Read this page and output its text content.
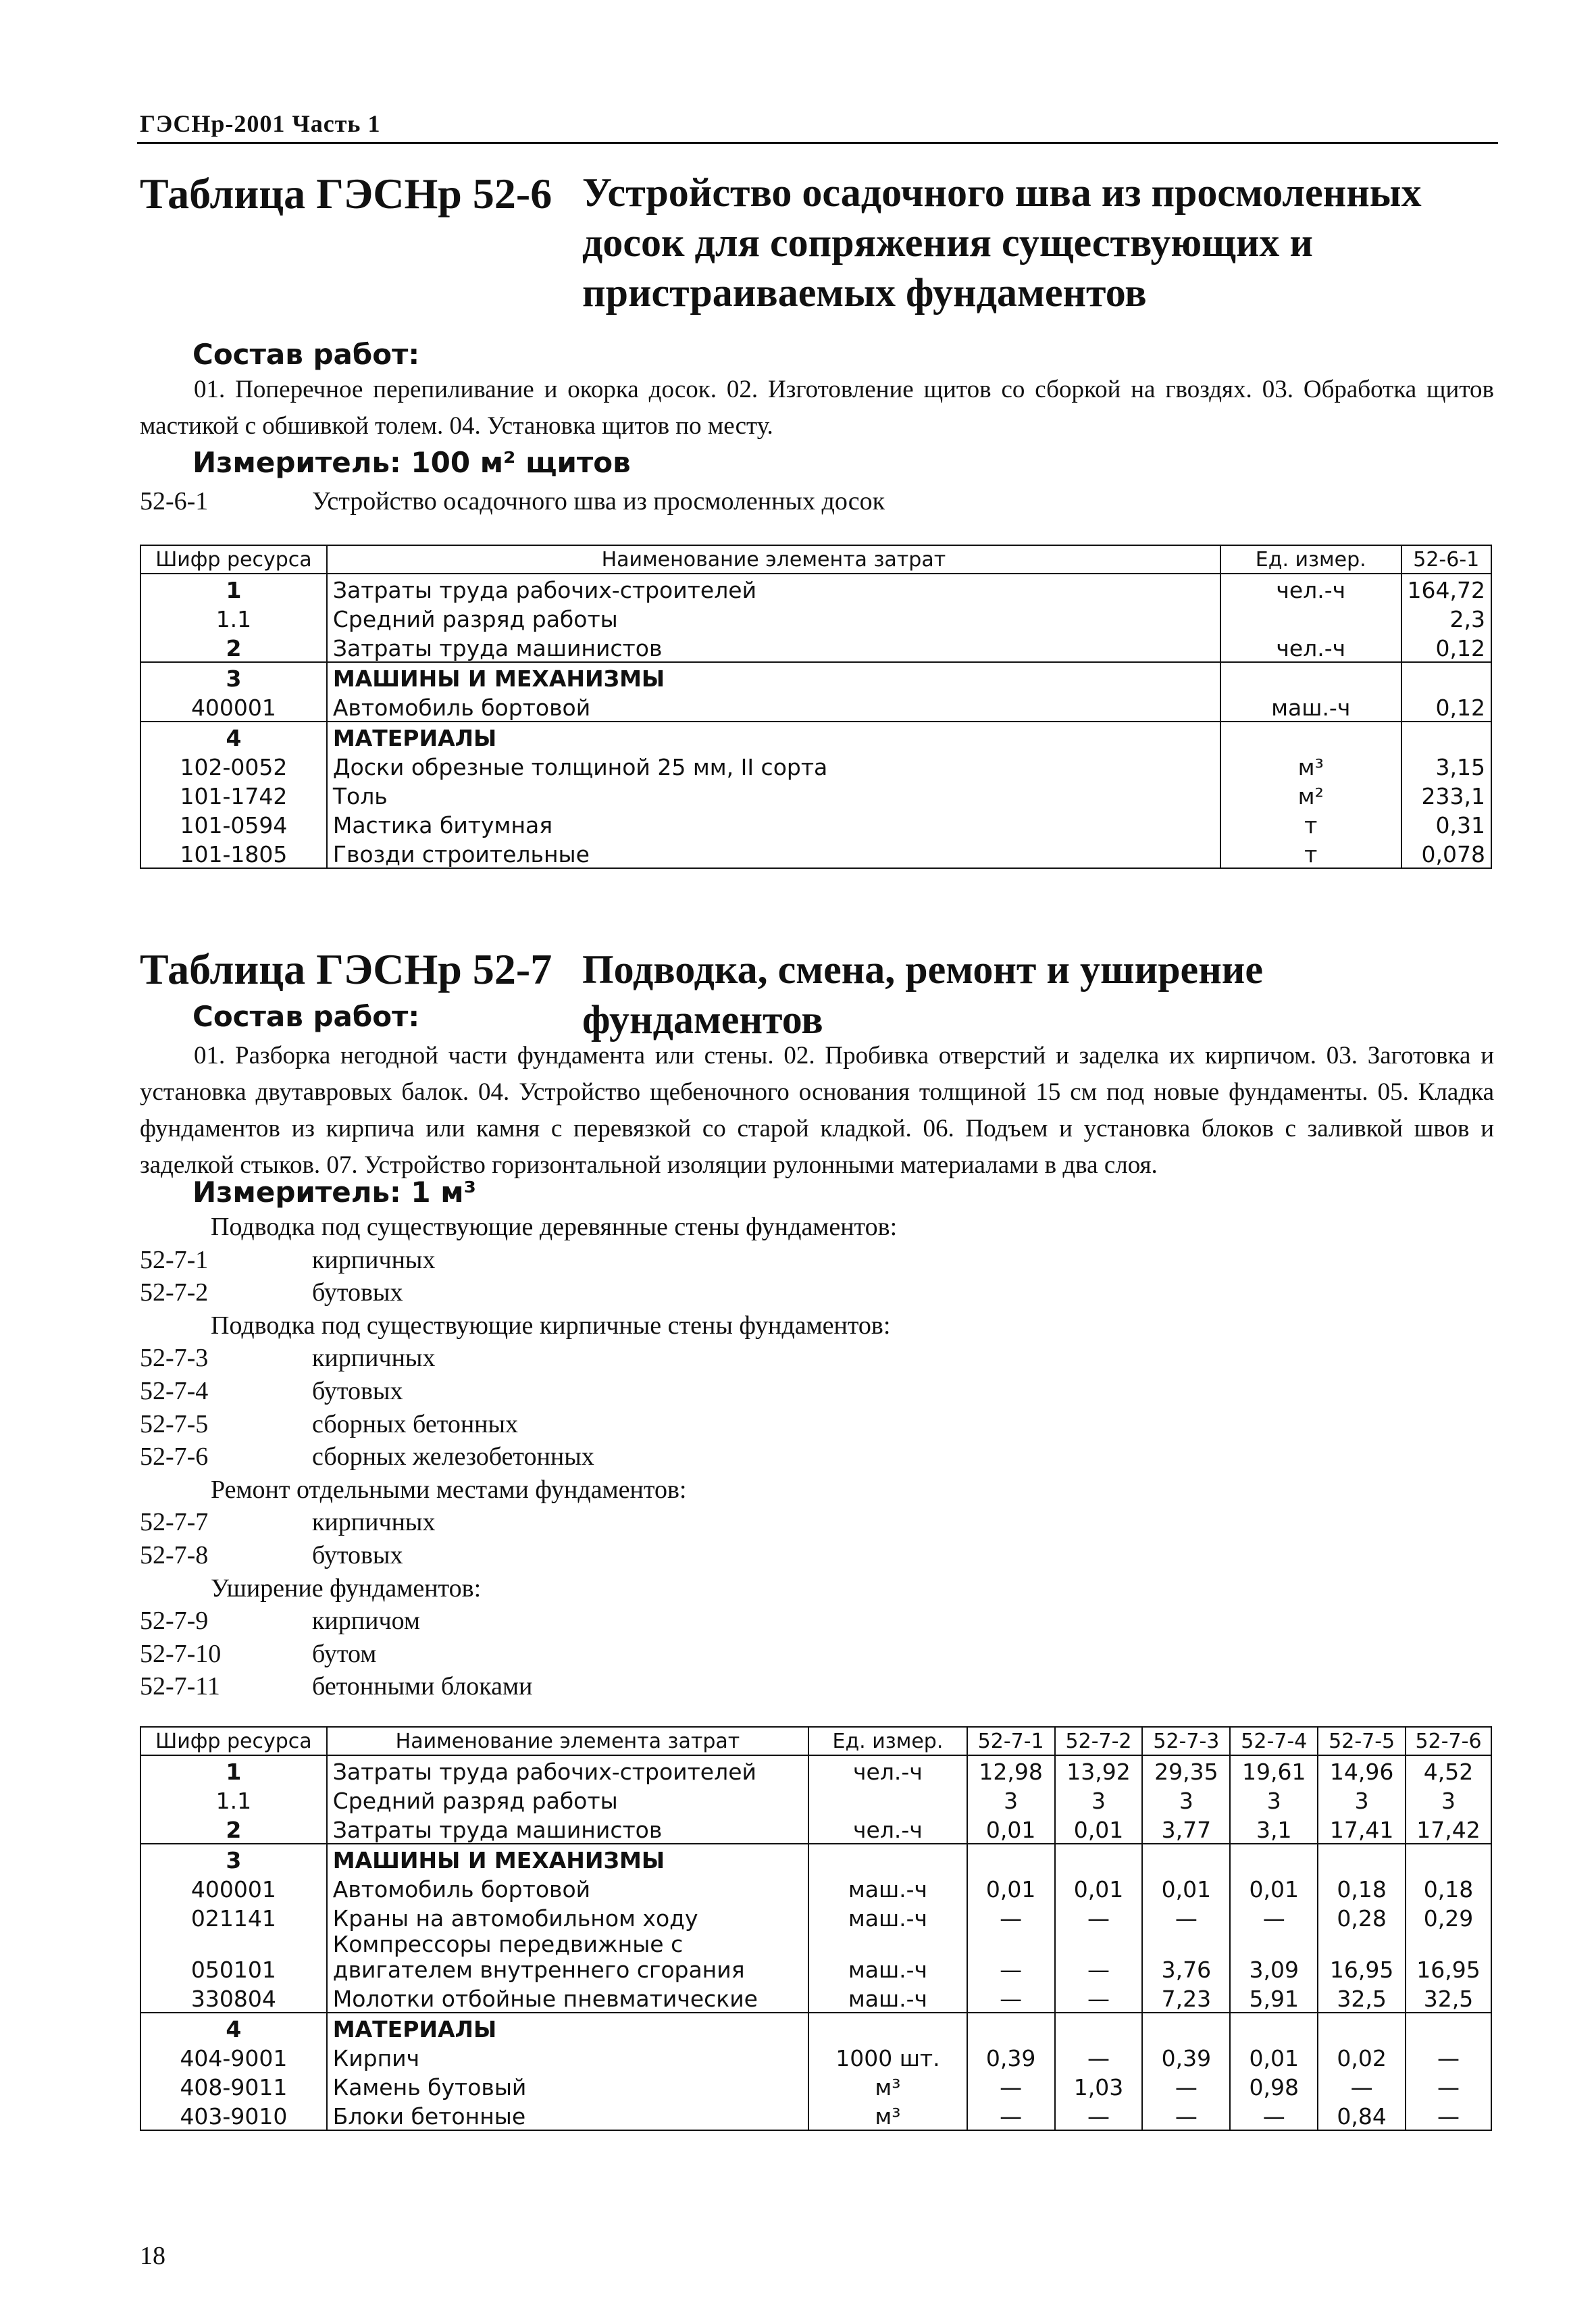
ГЭСНр-2001 Часть 1
Таблица ГЭСНр 52-6 Устройство осадочного шва из просмоленных досок для сопряжения существующих и пристраиваемых фундаментов
Состав работ:
01. Поперечное перепиливание и окорка досок. 02. Изготовление щитов со сборкой на гвоздях. 03. Обработка щитов мастикой с обшивкой толем. 04. Установка щитов по месту.
Измеритель: 100 м² щитов
52-6-1	Устройство осадочного шва из просмоленных досок
Шифр ресурса	Наименование элемента затрат	Ед. измер.	52-6-1
1	Затраты труда рабочих-строителей	чел.-ч	164,72
1.1	Средний разряд работы		2,3
2	Затраты труда машинистов	чел.-ч	0,12
3	МАШИНЫ И МЕХАНИЗМЫ		
400001	Автомобиль бортовой	маш.-ч	0,12
4	МАТЕРИАЛЫ		
102-0052	Доски обрезные толщиной 25 мм, II сорта	м³	3,15
101-1742	Толь	м²	233,1
101-0594	Мастика битумная	т	0,31
101-1805	Гвозди строительные	т	0,078
Таблица ГЭСНр 52-7 Подводка, смена, ремонт и уширение фундаментов
Состав работ:
01. Разборка негодной части фундамента или стены. 02. Пробивка отверстий и заделка их кирпичом. 03. Заготовка и установка двутавровых балок. 04. Устройство щебеночного основания толщиной 15 см под новые фундаменты. 05. Кладка фундаментов из кирпича или камня с перевязкой со старой кладкой. 06. Подъем и установка блоков с заливкой швов и заделкой стыков. 07. Устройство горизонтальной изоляции рулонными материалами в два слоя.
Измеритель: 1 м³
Подводка под существующие деревянные стены фундаментов:
52-7-1	кирпичных
52-7-2	бутовых
Подводка под существующие кирпичные стены фундаментов:
52-7-3	кирпичных
52-7-4	бутовых
52-7-5	сборных бетонных
52-7-6	сборных железобетонных
Ремонт отдельными местами фундаментов:
52-7-7	кирпичных
52-7-8	бутовых
Уширение фундаментов:
52-7-9	кирпичом
52-7-10	бутом
52-7-11	бетонными блоками
Шифр ресурса	Наименование элемента затрат	Ед. измер.	52-7-1	52-7-2	52-7-3	52-7-4	52-7-5	52-7-6
1	Затраты труда рабочих-строителей	чел.-ч	12,98	13,92	29,35	19,61	14,96	4,52
1.1	Средний разряд работы		3	3	3	3	3	3
2	Затраты труда машинистов	чел.-ч	0,01	0,01	3,77	3,1	17,41	17,42
3	МАШИНЫ И МЕХАНИЗМЫ							
400001	Автомобиль бортовой	маш.-ч	0,01	0,01	0,01	0,01	0,18	0,18
021141	Краны на автомобильном ходу	маш.-ч	—	—	—	—	0,28	0,29
050101	Компрессоры передвижные с двигателем внутреннего сгорания	маш.-ч	—	—	3,76	3,09	16,95	16,95
330804	Молотки отбойные пневматические	маш.-ч	—	—	7,23	5,91	32,5	32,5
4	МАТЕРИАЛЫ							
404-9001	Кирпич	1000 шт.	0,39	—	0,39	0,01	0,02	—
408-9011	Камень бутовый	м³	—	1,03	—	0,98	—	—
403-9010	Блоки бетонные	м³	—	—	—	—	0,84	—
18
